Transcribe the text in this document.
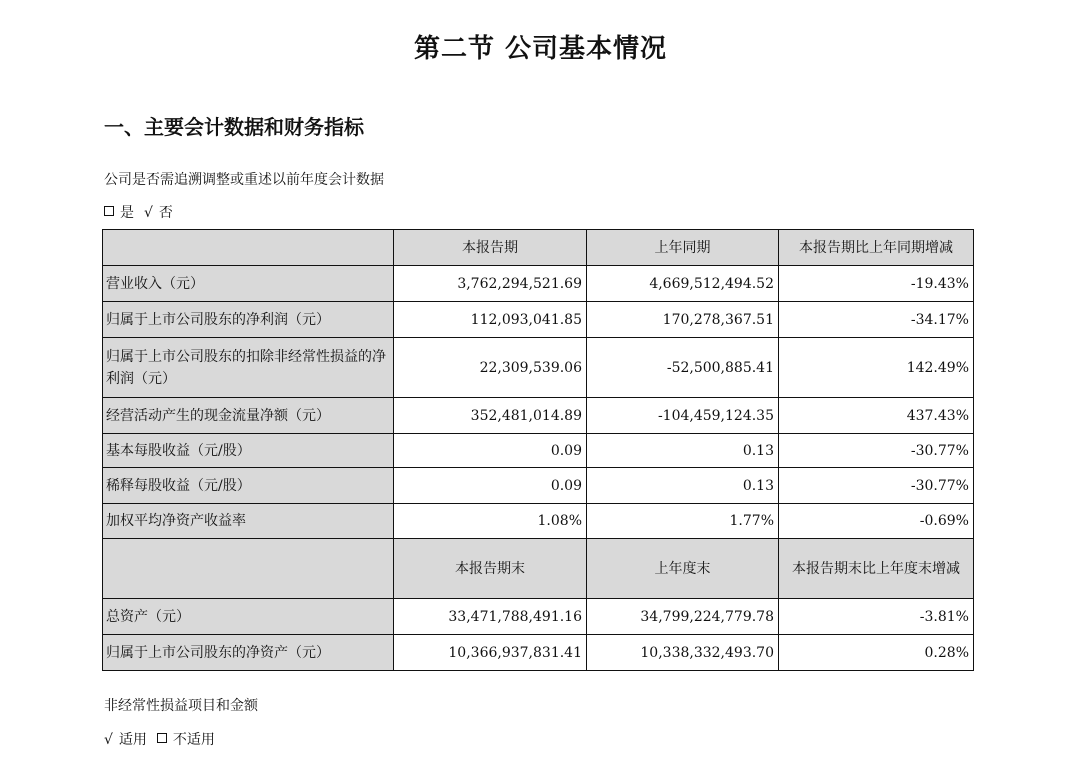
第二节 公司基本情况
一、主要会计数据和财务指标
公司是否需追溯调整或重述以前年度会计数据
是 √ 否
	本报告期	上年同期	本报告期比上年同期增减
营业收入（元）	3,762,294,521.69	4,669,512,494.52	-19.43%
归属于上市公司股东的净利润（元）	112,093,041.85	170,278,367.51	-34.17%
归属于上市公司股东的扣除非经常性损益的净利润（元）	22,309,539.06	-52,500,885.41	142.49%
经营活动产生的现金流量净额（元）	352,481,014.89	-104,459,124.35	437.43%
基本每股收益（元/股）	0.09	0.13	-30.77%
稀释每股收益（元/股）	0.09	0.13	-30.77%
加权平均净资产收益率	1.08%	1.77%	-0.69%
	本报告期末	上年度末	本报告期末比上年度末增减
总资产（元）	33,471,788,491.16	34,799,224,779.78	-3.81%
归属于上市公司股东的净资产（元）	10,366,937,831.41	10,338,332,493.70	0.28%
非经常性损益项目和金额
√ 适用 不适用
